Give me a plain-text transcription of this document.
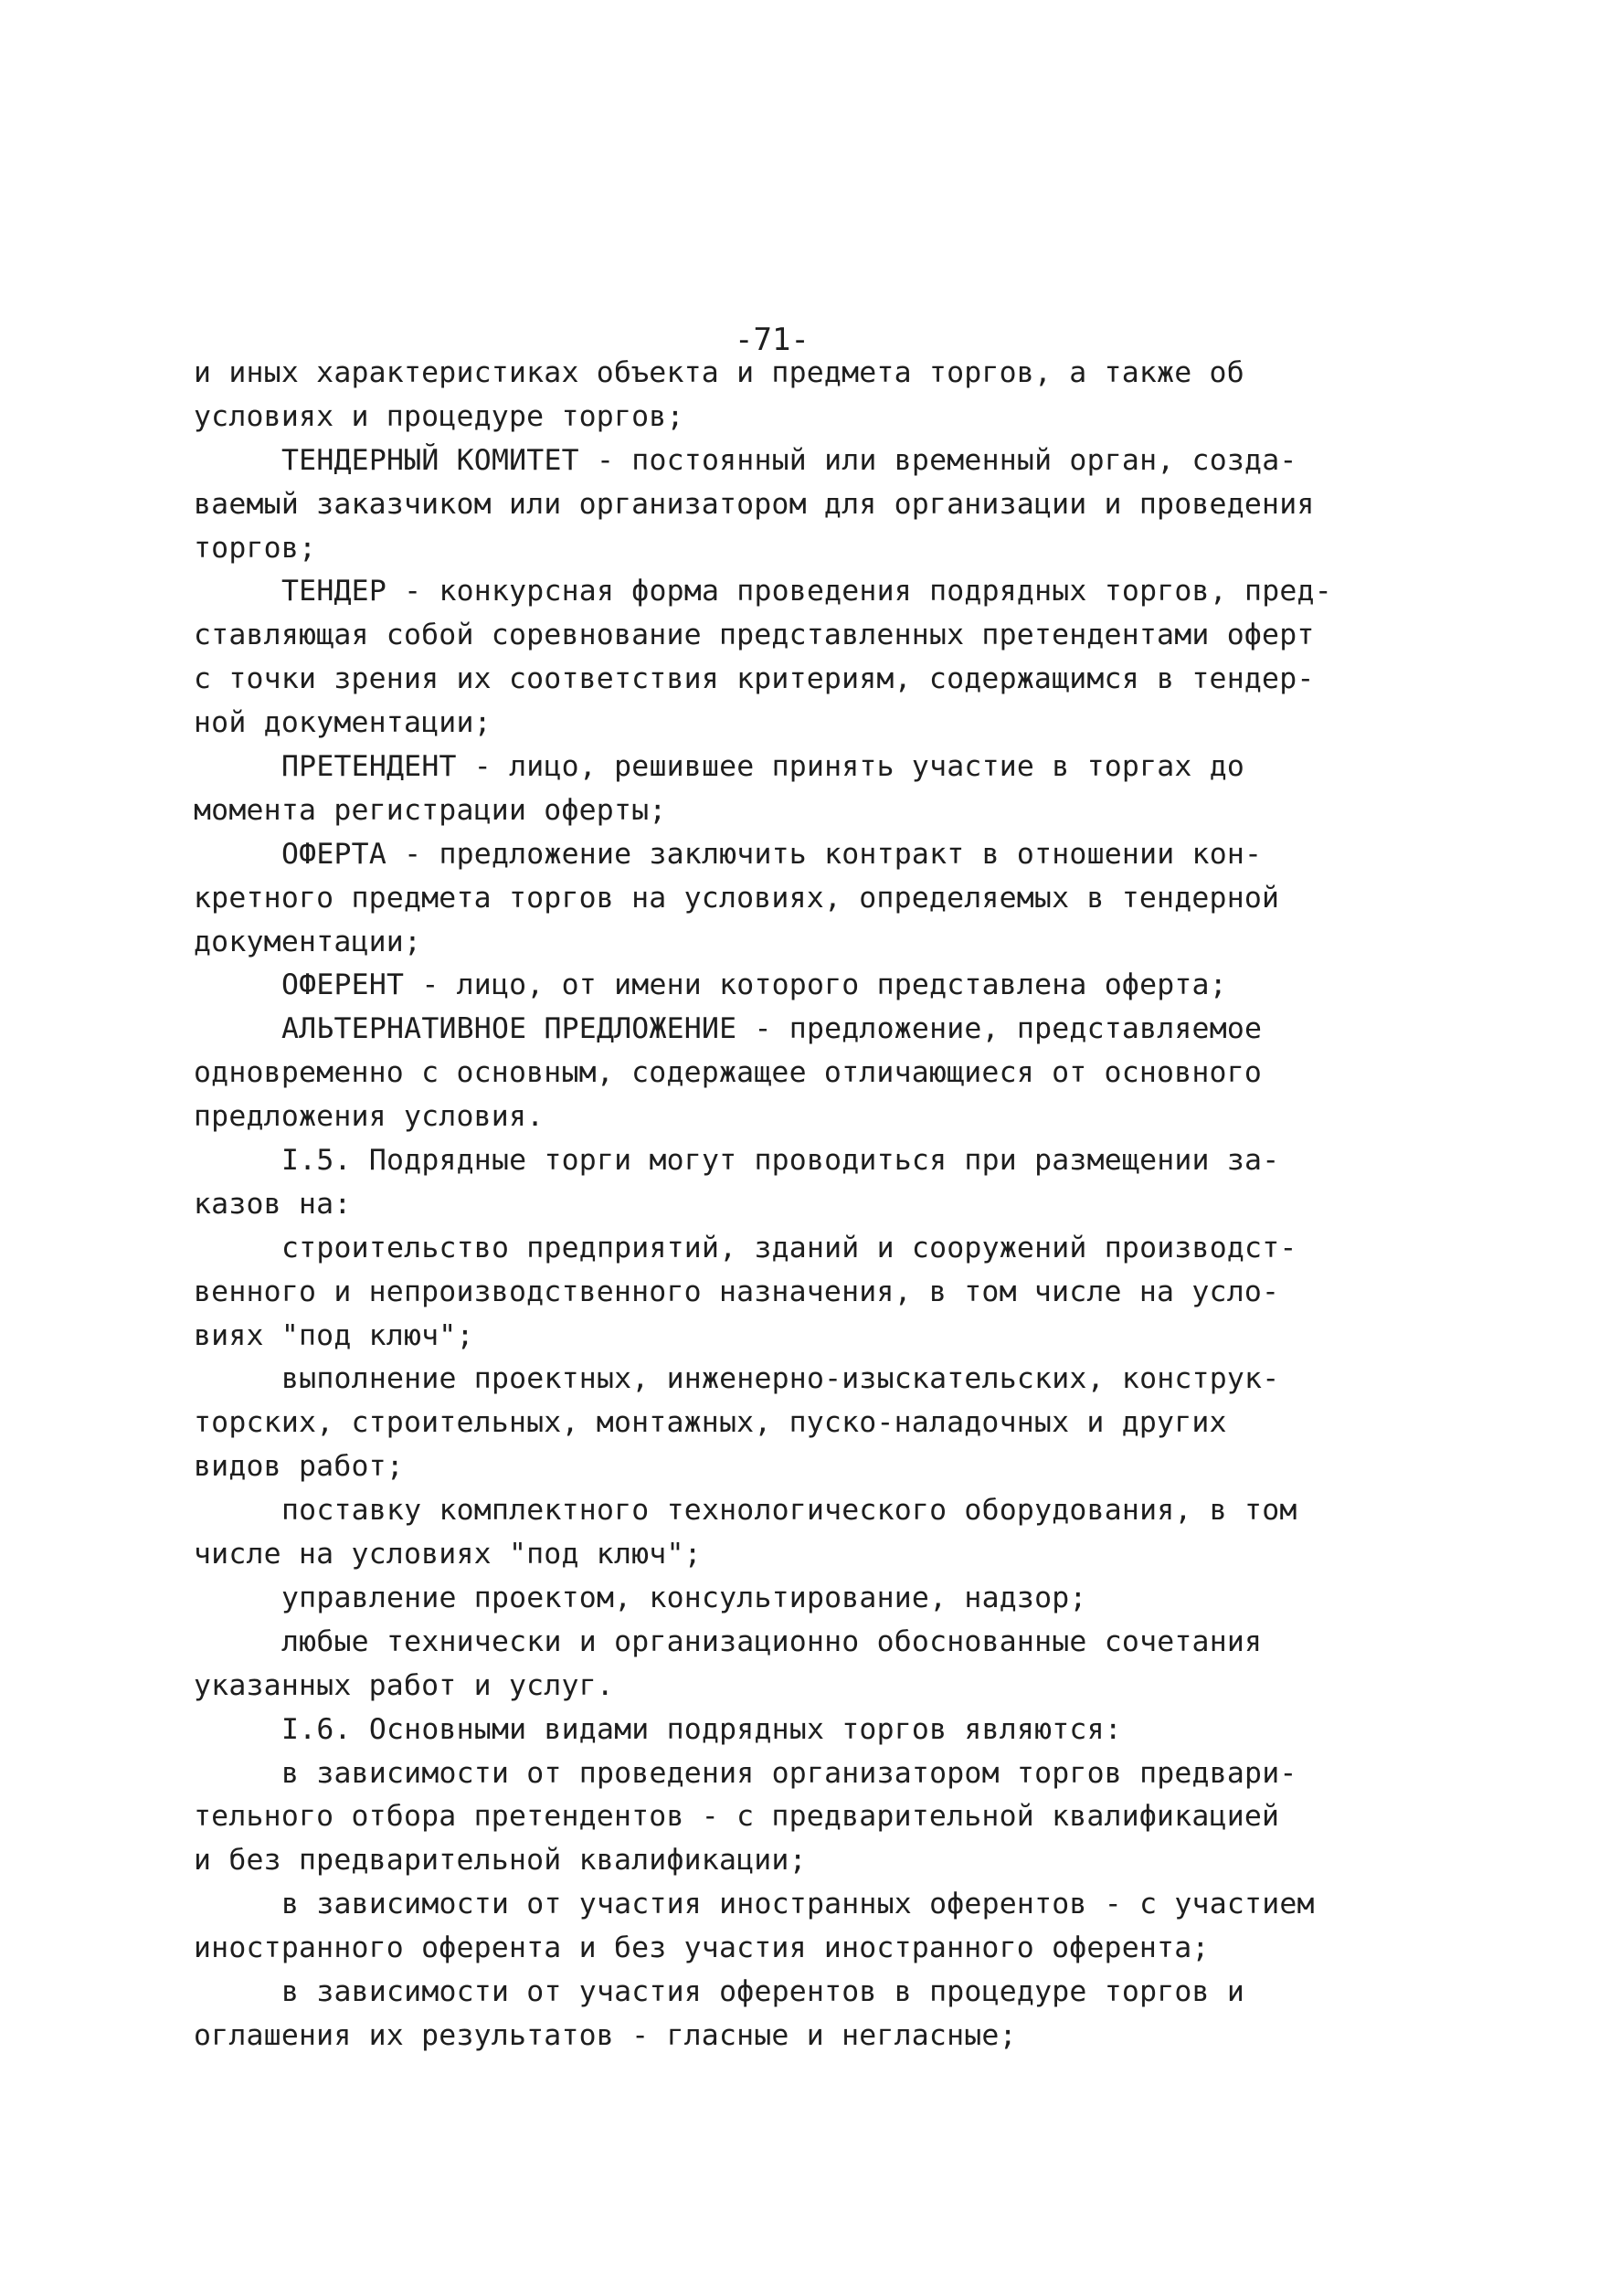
-71-
и иных характеристиках объекта и предмета торгов, а также об
условиях и процедуре торгов;
ТЕНДЕРНЫЙ КОМИТЕТ - постоянный или временный орган, созда-
ваемый заказчиком или организатором для организации и проведения
торгов;
ТЕНДЕР - конкурсная форма проведения подрядных торгов, пред-
ставляющая собой соревнование представленных претендентами оферт
с точки зрения их соответствия критериям, содержащимся в тендер-
ной документации;
ПРЕТЕНДЕНТ - лицо, решившее принять участие в торгах до
момента регистрации оферты;
ОФЕРТА - предложение заключить контракт в отношении кон-
кретного предмета торгов на условиях, определяемых в тендерной
документации;
ОФЕРЕНТ - лицо, от имени которого представлена оферта;
АЛЬТЕРНАТИВНОЕ ПРЕДЛОЖЕНИЕ - предложение, представляемое
одновременно с основным, содержащее отличающиеся от основного
предложения условия.
I.5. Подрядные торги могут проводиться при размещении за-
казов на:
строительство предприятий, зданий и сооружений производст-
венного и непроизводственного назначения, в том числе на усло-
виях "под ключ";
выполнение проектных, инженерно-изыскательских, конструк-
торских, строительных, монтажных, пуско-наладочных и других
видов работ;
поставку комплектного технологического оборудования, в том
числе на условиях "под ключ";
управление проектом, консультирование, надзор;
любые технически и организационно обоснованные сочетания
указанных работ и услуг.
I.6. Основными видами подрядных торгов являются:
в зависимости от проведения организатором торгов предвари-
тельного отбора претендентов - с предварительной квалификацией
и без предварительной квалификации;
в зависимости от участия иностранных оферентов - с участием
иностранного оферента и без участия иностранного оферента;
в зависимости от участия оферентов в процедуре торгов и
оглашения их результатов - гласные и негласные;
